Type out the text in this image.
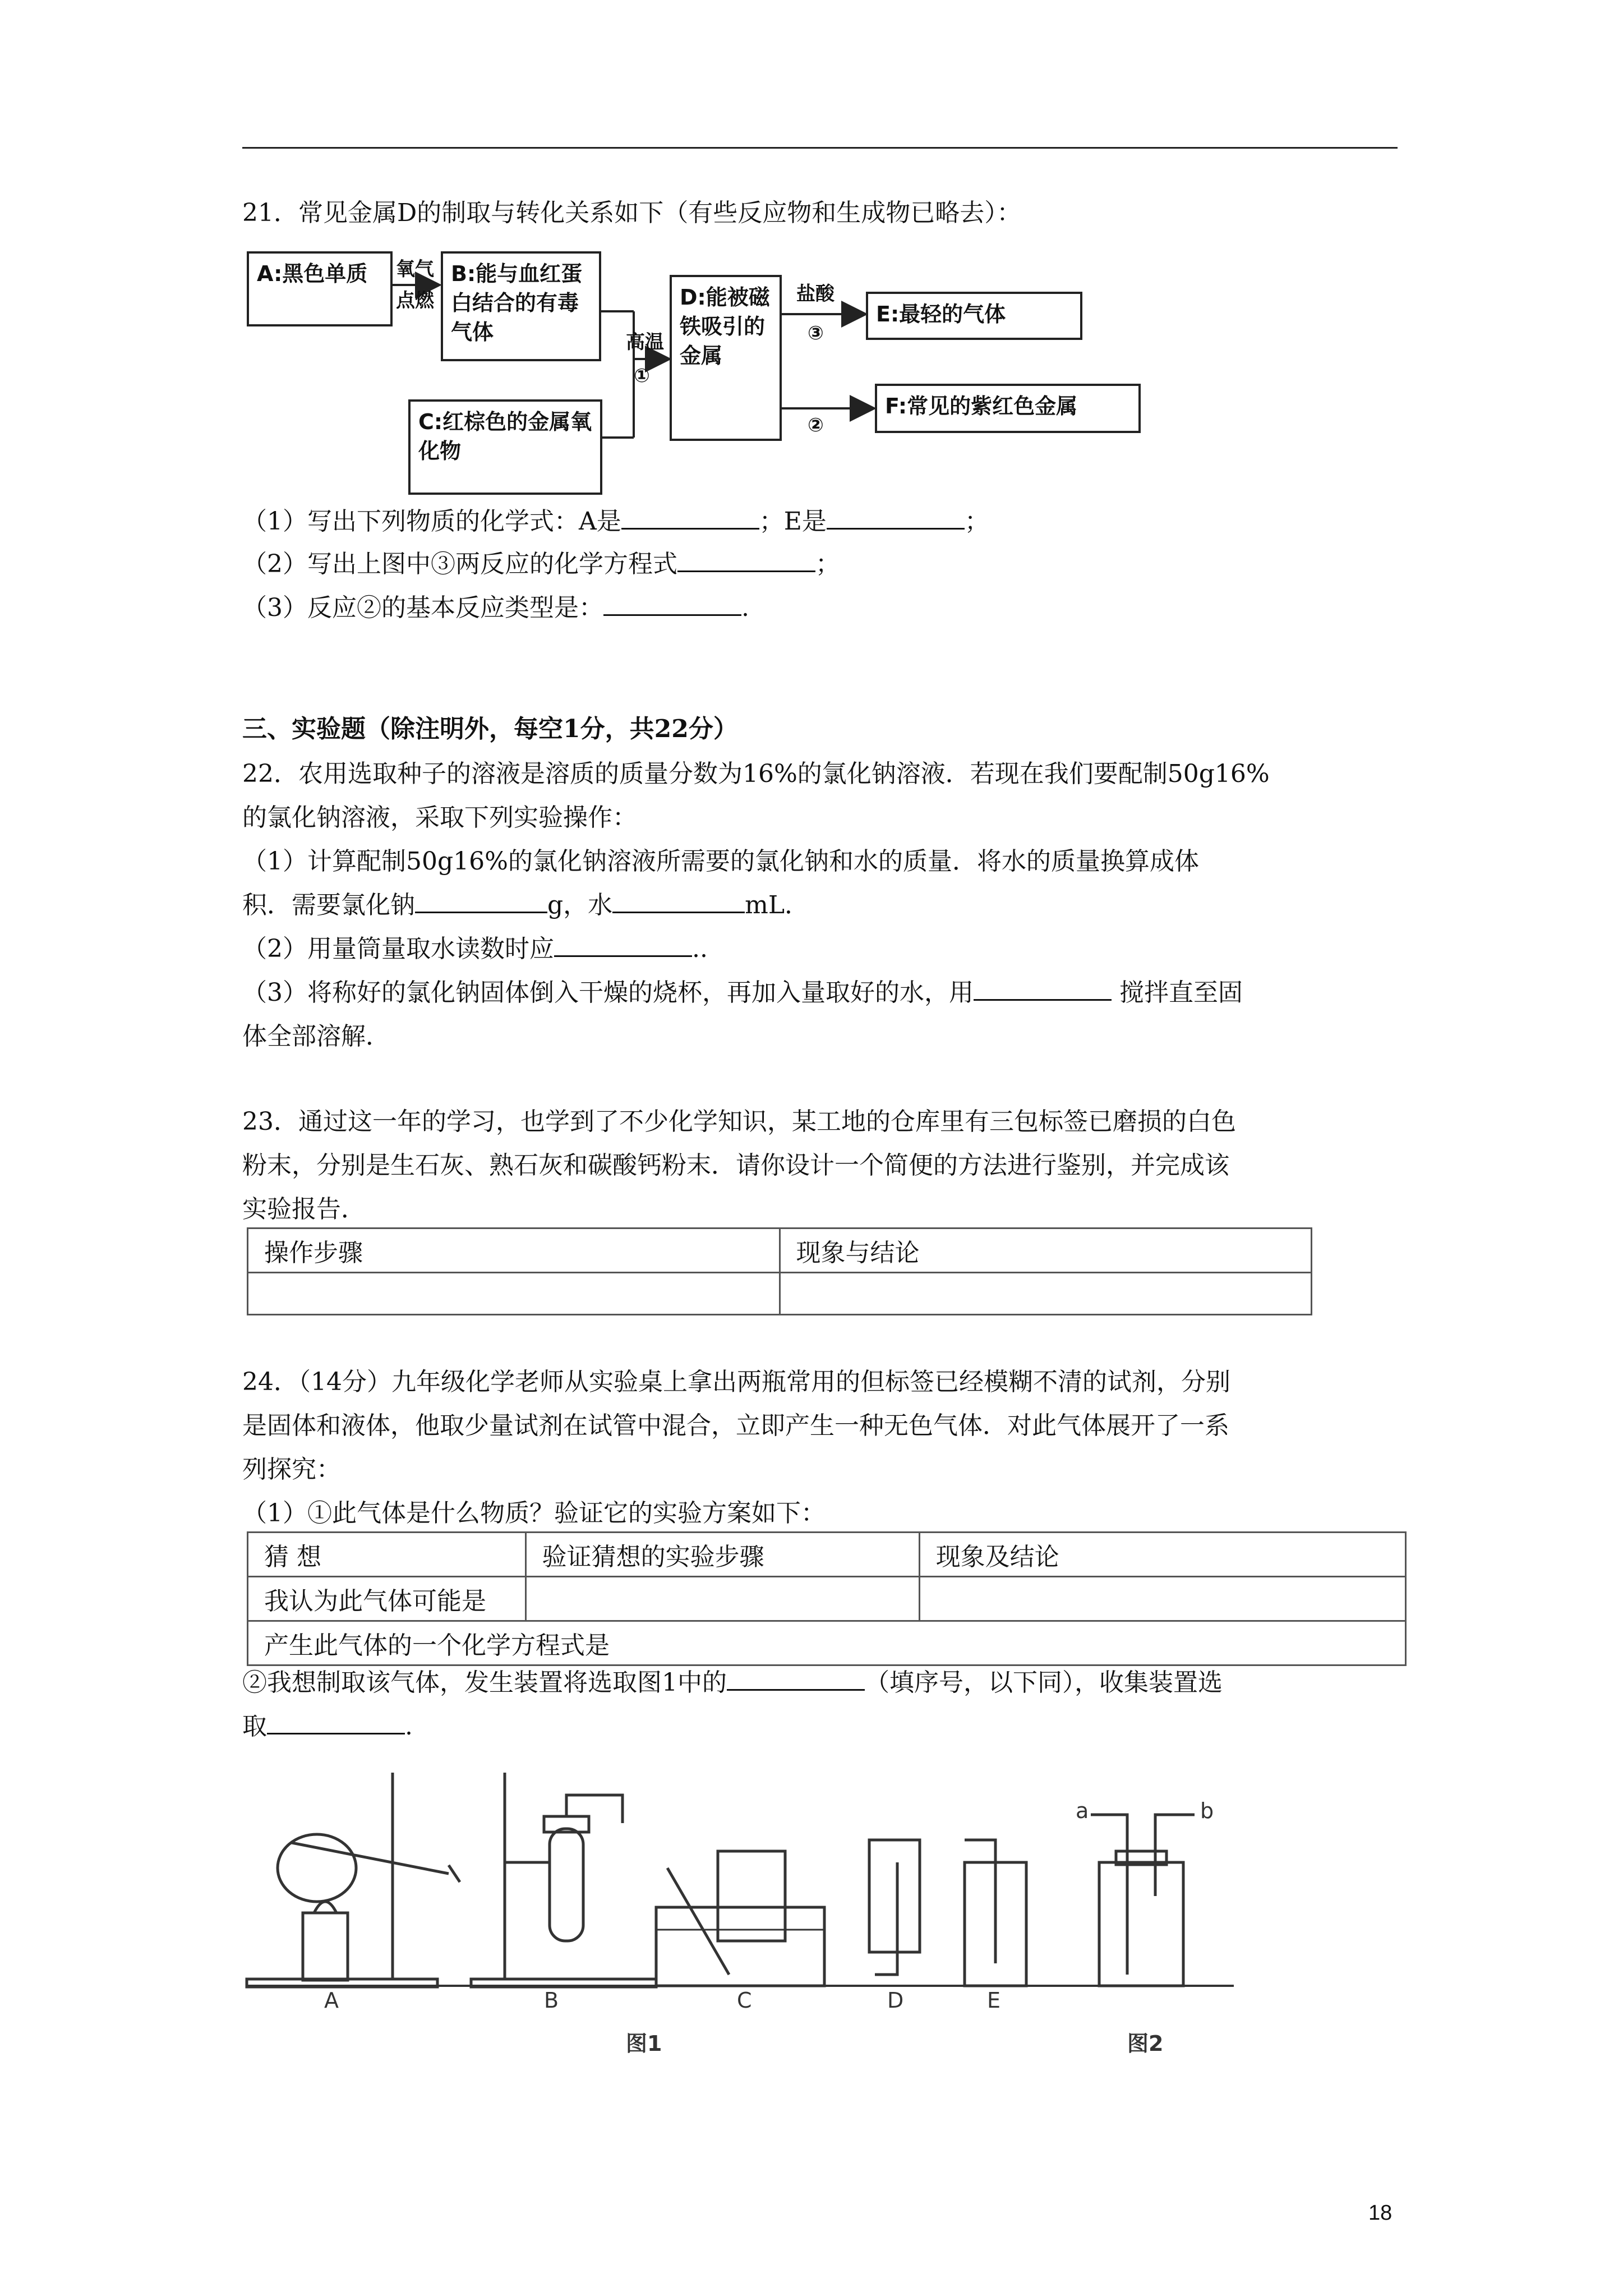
21．常见金属D的制取与转化关系如下（有些反应物和生成物已略去）：
A:黑色单质	氧气
点燃
B:能与血红蛋白结合的有毒气体
C:红棕色的金属氧化物
高温
①
D:能被磁铁吸引的金属
盐酸
③
②
E:最轻的气体
F:常见的紫红色金属
（1）写出下列物质的化学式：A是	；E是	；
（2）写出上图中③两反应的化学方程式	；
（3）反应②的基本反应类型是：	.
三、实验题（除注明外，每空1分，共22分）
22．农用选取种子的溶液是溶质的质量分数为16%的氯化钠溶液．若现在我们要配制50g16%
的氯化钠溶液，采取下列实验操作：
（1）计算配制50g16%的氯化钠溶液所需要的氯化钠和水的质量．将水的质量换算成体
积．需要氯化钠	g，水	mL．
（2）用量筒量取水读数时应	..
（3）将称好的氯化钠固体倒入干燥的烧杯，再加入量取好的水，用	搅拌直至固
体全部溶解．
23．通过这一年的学习，也学到了不少化学知识，某工地的仓库里有三包标签已磨损的白色
粉末，分别是生石灰、熟石灰和碳酸钙粉末．请你设计一个简便的方法进行鉴别，并完成该
实验报告．
操作步骤	现象与结论

24．（14分）九年级化学老师从实验桌上拿出两瓶常用的但标签已经模糊不清的试剂，分别
是固体和液体，他取少量试剂在试管中混合，立即产生一种无色气体．对此气体展开了一系
列探究：
（1）①此气体是什么物质？验证它的实验方案如下：
猜 想	验证猜想的实验步骤	现象及结论
我认为此气体可能是		
产生此气体的一个化学方程式是		
②我想制取该气体，发生装置将选取图1中的	（填序号，以下同），收集装置选
取	.
A	B	C	D	E
a	b
图1	图2
18
